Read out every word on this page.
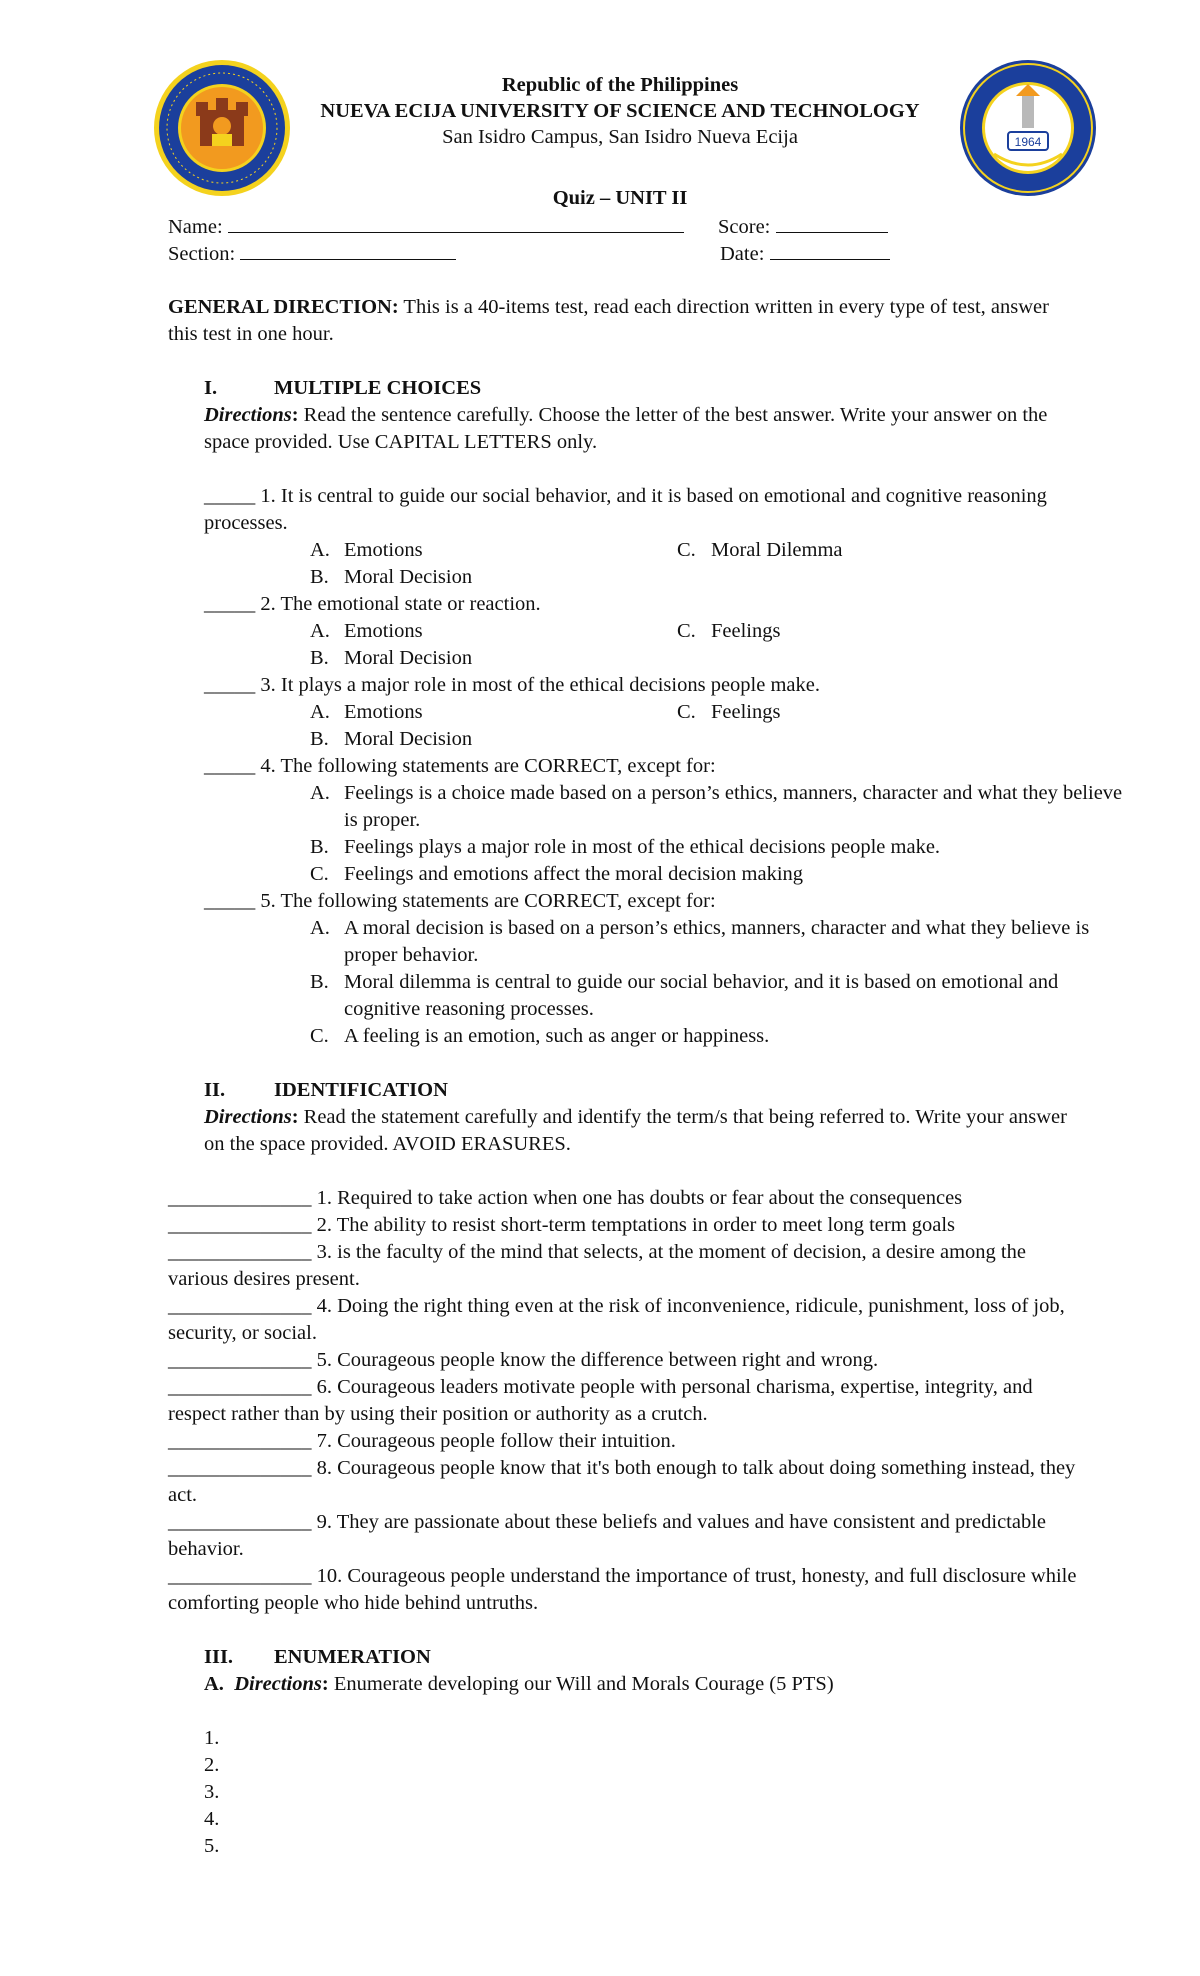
1964
Republic of the Philippines
NUEVA ECIJA UNIVERSITY OF SCIENCE AND TECHNOLOGY
San Isidro Campus, San Isidro Nueva Ecija
Quiz – UNIT II
Name:	Score:
Section:	Date:
GENERAL DIRECTION: This is a 40-items test, read each direction written in every type of test, answer this test in one hour.
I.	MULTIPLE CHOICES
Directions: Read the sentence carefully. Choose the letter of the best answer. Write your answer on the space provided. Use CAPITAL LETTERS only.
_____ 1. It is central to guide our social behavior, and it is based on emotional and cognitive reasoning processes.
A. Emotions	C. Moral Dilemma
B. Moral Decision
_____ 2. The emotional state or reaction.
A. Emotions	C. Feelings
B. Moral Decision
_____ 3. It plays a major role in most of the ethical decisions people make.
A. Emotions	C. Feelings
B. Moral Decision
_____ 4. The following statements are CORRECT, except for:
A. Feelings is a choice made based on a person’s ethics, manners, character and what they believe is proper.
B. Feelings plays a major role in most of the ethical decisions people make.
C. Feelings and emotions affect the moral decision making
_____ 5. The following statements are CORRECT, except for:
A. A moral decision is based on a person’s ethics, manners, character and what they believe is proper behavior.
B. Moral dilemma is central to guide our social behavior, and it is based on emotional and cognitive reasoning processes.
C. A feeling is an emotion, such as anger or happiness.
II. IDENTIFICATION
Directions: Read the statement carefully and identify the term/s that being referred to. Write your answer on the space provided. AVOID ERASURES.
______________ 1. Required to take action when one has doubts or fear about the consequences
______________ 2. The ability to resist short-term temptations in order to meet long term goals
______________ 3. is the faculty of the mind that selects, at the moment of decision, a desire among the various desires present.
______________ 4. Doing the right thing even at the risk of inconvenience, ridicule, punishment, loss of job, security, or social.
______________ 5. Courageous people know the difference between right and wrong.
______________ 6. Courageous leaders motivate people with personal charisma, expertise, integrity, and respect rather than by using their position or authority as a crutch.
______________ 7. Courageous people follow their intuition.
______________ 8. Courageous people know that it's both enough to talk about doing something instead, they act.
______________ 9. They are passionate about these beliefs and values and have consistent and predictable behavior.
______________ 10. Courageous people understand the importance of trust, honesty, and full disclosure while comforting people who hide behind untruths.
III. ENUMERATION
A. Directions: Enumerate developing our Will and Morals Courage (5 PTS)
1.
2.
3.
4.
5.
